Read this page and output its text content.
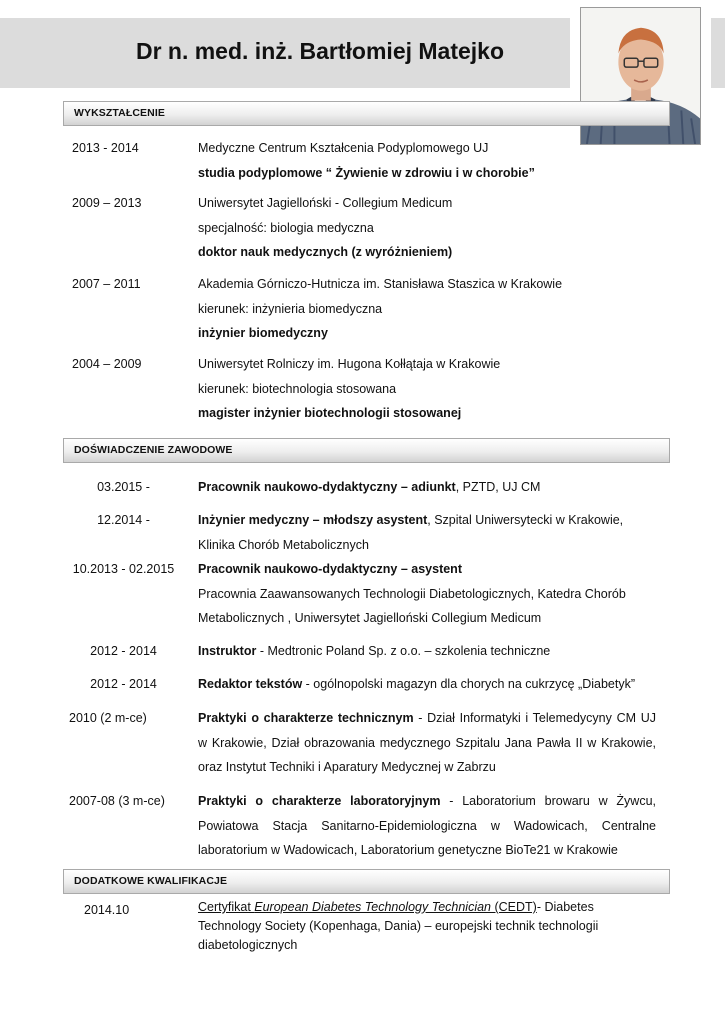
Dr n. med. inż. Bartłomiej Matejko
WYKSZTAŁCENIE
2013 - 2014	Medyczne Centrum Kształcenia Podyplomowego UJ
studia podyplomowe “ Żywienie w zdrowiu i w chorobie”
2009 – 2013	Uniwersytet Jagielloński - Collegium Medicum
specjalność: biologia medyczna
doktor nauk medycznych (z wyróżnieniem)
2007 – 2011	Akademia Górniczo-Hutnicza im. Stanisława Staszica w Krakowie
kierunek: inżynieria biomedyczna
inżynier biomedyczny
2004 – 2009	Uniwersytet Rolniczy im. Hugona Kołłątaja w Krakowie
kierunek: biotechnologia stosowana
magister inżynier biotechnologii stosowanej
DOŚWIADCZENIE ZAWODOWE
03.2015 -	Pracownik naukowo-dydaktyczny – adiunkt, PZTD, UJ CM
12.2014 -	Inżynier medyczny – młodszy asystent, Szpital Uniwersytecki w Krakowie, Klinika Chorób Metabolicznych
10.2013 - 02.2015	Pracownik naukowo-dydaktyczny – asystent
Pracownia Zaawansowanych Technologii Diabetologicznych, Katedra Chorób Metabolicznych , Uniwersytet Jagielloński Collegium Medicum
2012 - 2014	Instruktor - Medtronic Poland Sp. z o.o. – szkolenia techniczne
2012 - 2014	Redaktor tekstów - ogólnopolski magazyn dla chorych na cukrzycę „Diabetyk”
2010 (2 m-ce)	Praktyki o charakterze technicznym - Dział Informatyki i Telemedycyny CM UJ w Krakowie, Dział obrazowania medycznego Szpitalu Jana Pawła II w Krakowie, oraz Instytut Techniki i Aparatury Medycznej w Zabrzu
2007-08 (3 m-ce)	Praktyki o charakterze laboratoryjnym - Laboratorium browaru w Żywcu, Powiatowa Stacja Sanitarno-Epidemiologiczna w Wadowicach, Centralne laboratorium w Wadowicach, Laboratorium genetyczne BioTe21 w Krakowie
DODATKOWE KWALIFIKACJE
2014.10	Certyfikat European Diabetes Technology Technician (CEDT)- Diabetes Technology Society (Kopenhaga, Dania) – europejski technik technologii diabetologicznych
